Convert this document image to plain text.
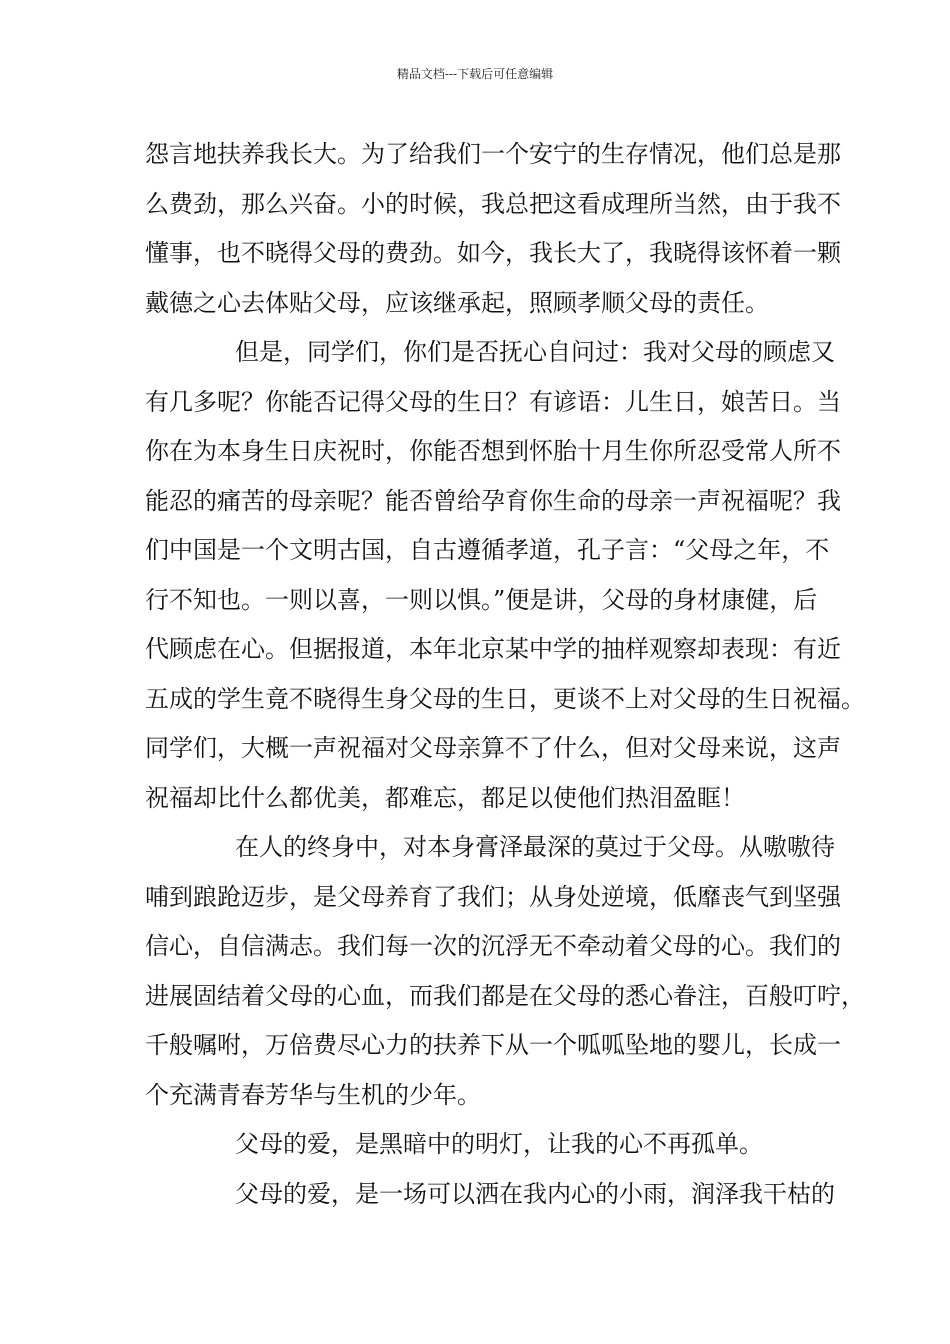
精品文档---下载后可任意编辑
怨言地扶养我长大。为了给我们一个安宁的生存情况，他们总是那
么费劲，那么兴奋。小的时候，我总把这看成理所当然，由于我不
懂事，也不晓得父母的费劲。如今，我长大了，我晓得该怀着一颗
戴德之心去体贴父母，应该继承起，照顾孝顺父母的责任。
但是，同学们，你们是否抚心自问过：我对父母的顾虑又
有几多呢？你能否记得父母的生日？有谚语：儿生日，娘苦日。当
你在为本身生日庆祝时，你能否想到怀胎十月生你所忍受常人所不
能忍的痛苦的母亲呢？能否曾给孕育你生命的母亲一声祝福呢？我
们中国是一个文明古国，自古遵循孝道，孔子言：“父母之年，不
行不知也。一则以喜，一则以惧。”便是讲，父母的身材康健，后
代顾虑在心。但据报道，本年北京某中学的抽样观察却表现：有近
五成的学生竟不晓得生身父母的生日，更谈不上对父母的生日祝福。
同学们，大概一声祝福对父母亲算不了什么，但对父母来说，这声
祝福却比什么都优美，都难忘，都足以使他们热泪盈眶！
在人的终身中，对本身膏泽最深的莫过于父母。从嗷嗷待
哺到踉跄迈步，是父母养育了我们；从身处逆境，低靡丧气到坚强
信心，自信满志。我们每一次的沉浮无不牵动着父母的心。我们的
进展固结着父母的心血，而我们都是在父母的悉心眷注，百般叮咛，
千般嘱咐，万倍费尽心力的扶养下从一个呱呱坠地的婴儿，长成一
个充满青春芳华与生机的少年。
父母的爱，是黑暗中的明灯，让我的心不再孤单。
父母的爱，是一场可以洒在我内心的小雨，润泽我干枯的
